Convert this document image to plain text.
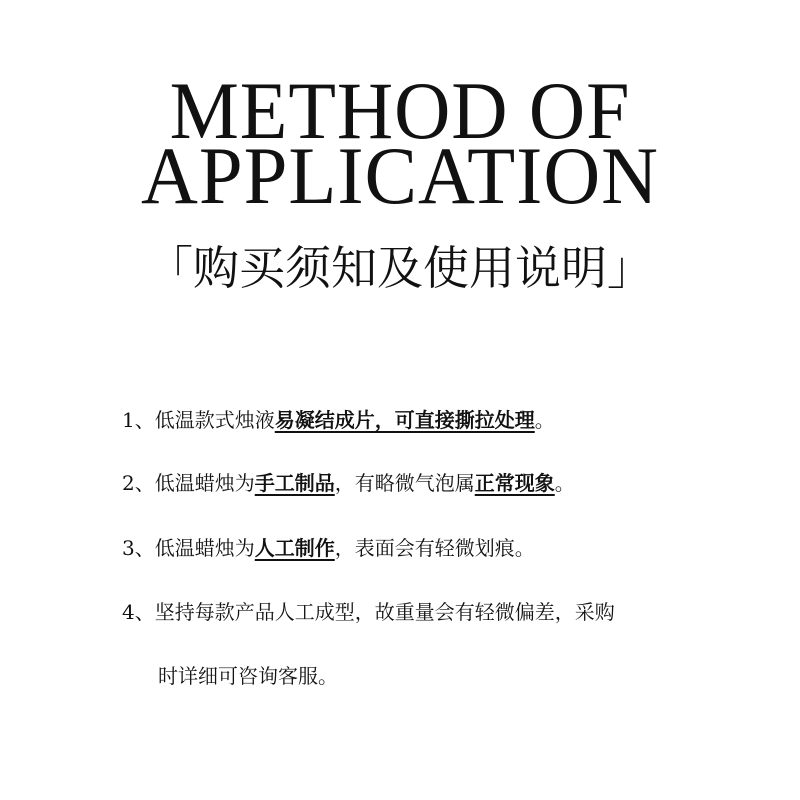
METHOD OF
APPLICATION
「购买须知及使用说明」
1、低温款式烛液易凝结成片，可直接撕拉处理。
2、低温蜡烛为手工制品，有略微气泡属正常现象。
3、低温蜡烛为人工制作，表面会有轻微划痕。
4、坚持每款产品人工成型，故重量会有轻微偏差，采购
时详细可咨询客服。
